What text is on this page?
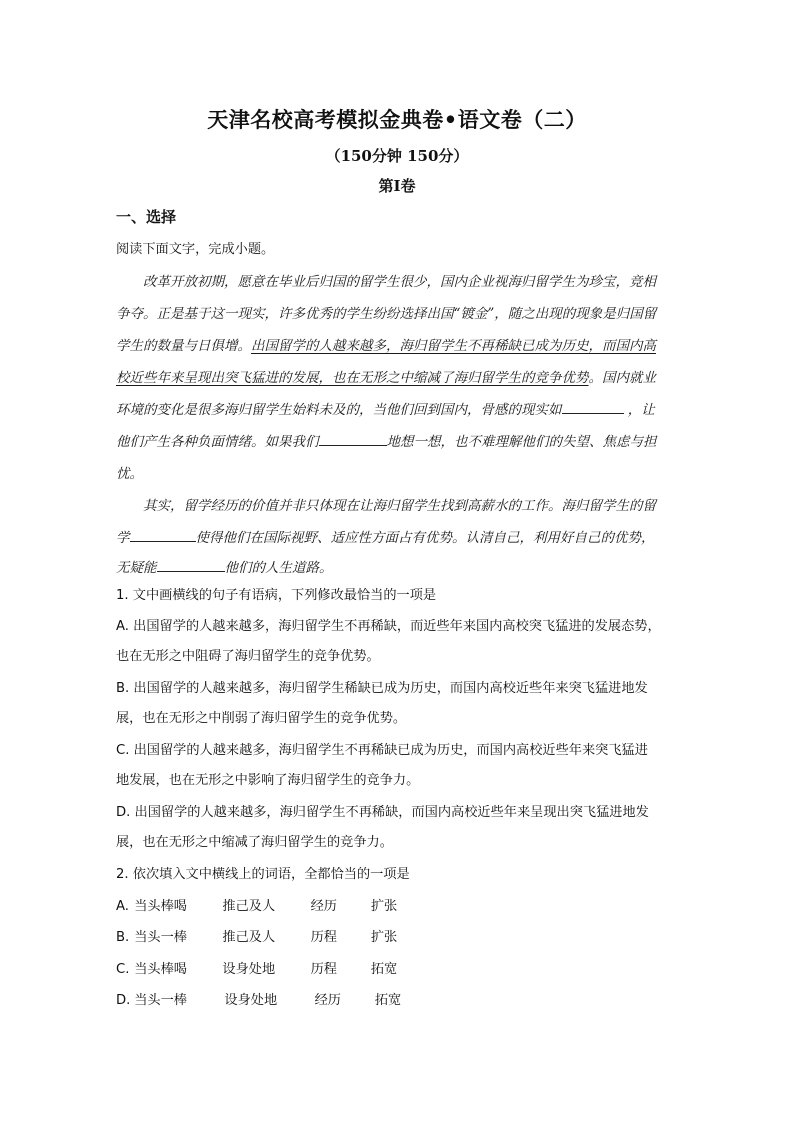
天津名校高考模拟金典卷•语文卷（二）
（150分钟 150分）
第Ⅰ卷
一、选择
阅读下面文字，完成小题。
改革开放初期，愿意在毕业后归国的留学生很少，国内企业视海归留学生为珍宝，竞相
争夺。正是基于这一现实，许多优秀的学生纷纷选择出国“镀金”，随之出现的现象是归国留
学生的数量与日俱增。出国留学的人越来越多，海归留学生不再稀缺已成为历史，而国内高
校近些年来呈现出突飞猛进的发展，也在无形之中缩减了海归留学生的竞争优势。国内就业
环境的变化是很多海归留学生始料未及的，当他们回到国内，骨感的现实如	，让
他们产生各种负面情绪。如果我们	地想一想，也不难理解他们的失望、焦虑与担
忧。
其实，留学经历的价值并非只体现在让海归留学生找到高薪水的工作。海归留学生的留
学	使得他们在国际视野、适应性方面占有优势。认清自己，利用好自己的优势，
无疑能	他们的人生道路。
1. 文中画横线的句子有语病，下列修改最恰当的一项是
A. 出国留学的人越来越多，海归留学生不再稀缺，而近些年来国内高校突飞猛进的发展态势，
也在无形之中阻碍了海归留学生的竞争优势。
B. 出国留学的人越来越多，海归留学生稀缺已成为历史，而国内高校近些年来突飞猛进地发
展，也在无形之中削弱了海归留学生的竞争优势。
C. 出国留学的人越来越多，海归留学生不再稀缺已成为历史，而国内高校近些年来突飞猛进
地发展，也在无形之中影响了海归留学生的竞争力。
D. 出国留学的人越来越多，海归留学生不再稀缺，而国内高校近些年来呈现出突飞猛进地发
展，也在无形之中缩减了海归留学生的竞争力。
2. 依次填入文中横线上的词语，全都恰当的一项是
A. 当头棒喝	推己及人	经历	扩张
B. 当头一棒	推己及人	历程	扩张
C. 当头棒喝	设身处地	历程	拓宽
D. 当头一棒	设身处地	经历	拓宽
